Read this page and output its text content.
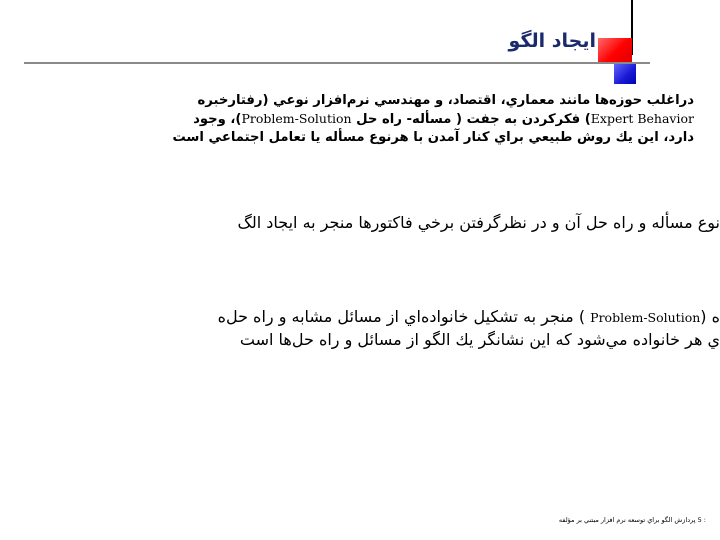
ايجاد الگو

دراغلب حوزه‌ها مانند معماري، اقتصاد، و مهندسي نرم‌افزار نوعي (رفتارخبره

Expert Behavior) فكركردن به جفت ( مسأله- راه حل Problem-Solution)، وجود

دارد، اين يك روش طبيعي براي كنار آمدن با هرنوع مسأله يا تعامل اجتماعي است

نوع مسأله و راه حل آن و در نظرگرفتن برخي فاكتورها منجر به ايجاد الگ
ه (Problem-Solution ) منجر به تشكيل خانواده‌اي از مسائل مشابه و راه حل‌ه
ي هر خانواده مي‌شود كه اين نشانگر يك الگو از مسائل و راه حل‌ها است
: 5 پردازش الگو براي توسعه نرم افزار مبتني بر مؤلفه
